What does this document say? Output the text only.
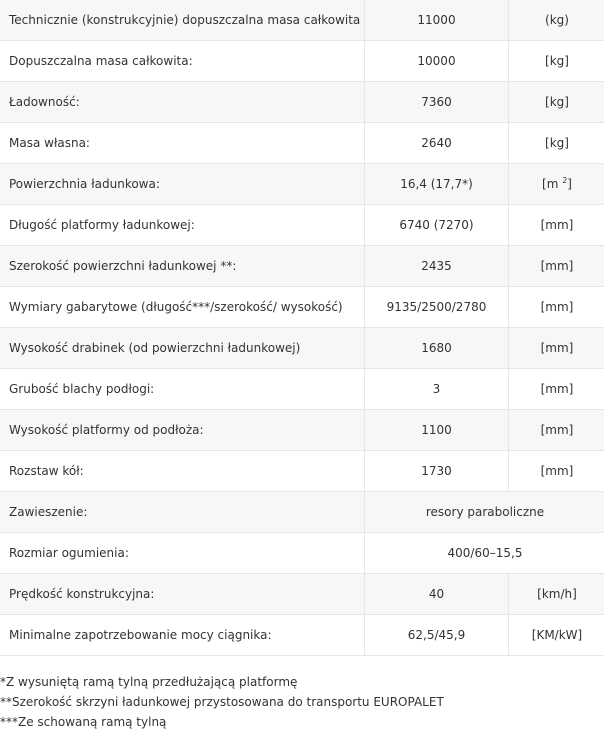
Technicznie (konstrukcyjnie) dopuszczalna masa całkowita	11000	(kg)
Dopuszczalna masa całkowita:	10000	[kg]
Ładowność:	7360	[kg]
Masa własna:	2640	[kg]
Powierzchnia ładunkowa:	16,4 (17,7*)	[m $^2$]
Długość platformy ładunkowej:	6740 (7270)	[mm]
Szerokość powierzchni ładunkowej **:	2435	[mm]
Wymiary gabarytowe (długość***/szerokość/ wysokość)	9135/2500/2780	[mm]
Wysokość drabinek (od powierzchni ładunkowej)	1680	[mm]
Grubość blachy podłogi:	3	[mm]
Wysokość platformy od podłoża:	1100	[mm]
Rozstaw kół:	1730	[mm]
Zawieszenie:	resory paraboliczne	
Rozmiar ogumienia:	400/60–15,5	
Prędkość konstrukcyjna:	40	[km/h]
Minimalne zapotrzebowanie mocy ciągnika:	62,5/45,9	[KM/kW]
*Z wysuniętą ramą tylną przedłużającą platformę
**Szerokość skrzyni ładunkowej przystosowana do transportu EUROPALET
***Ze schowaną ramą tylną
